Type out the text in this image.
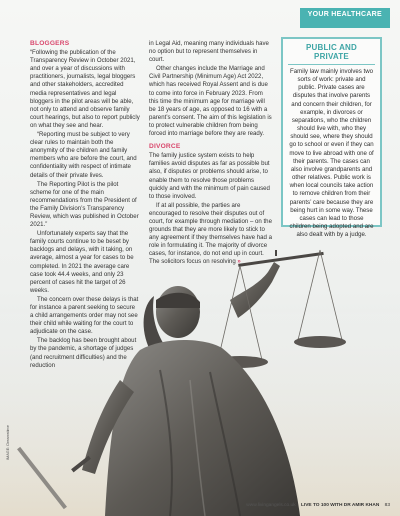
YOUR HEALTHCARE
BLOGGERS

“Following the publication of the Transparency Review in October 2021, and over a year of discussions with practitioners, journalists, legal bloggers and other stakeholders, accredited media representatives and legal bloggers in the pilot areas will be able, not only to attend and observe family court hearings, but also to report publicly on what they see and hear.

“Reporting must be subject to very clear rules to maintain both the anonymity of the children and family members who are before the court, and confidentiality with respect of intimate details of their private lives.

The Reporting Pilot is the pilot scheme for one of the main recommendations from the President of the Family Division’s Transparency Review, which was published in October 2021.”

Unfortunately experts say that the family courts continue to be beset by backlogs and delays, with it taking, on average, almost a year for cases to be completed. In 2021 the average care case took 44.4 weeks, and only 23 percent of cases hit the target of 26 weeks.

The concern over these delays is that for instance a parent seeking to secure a child arrangements order may not see their child while waiting for the court to adjudicate on the case.

The backlog has been brought about by the pandemic, a shortage of judges (and recruitment difficulties) and the reduction

in Legal Aid, meaning many individuals have no option but to represent themselves in court.

Other changes include the Marriage and Civil Partnership (Minimum Age) Act 2022, which has received Royal Assent and is due to come into force in February 2023. From this time the minimum age for marriage will be 18 years of age, as opposed to 16 with a parent’s consent. The aim of this legislation is to protect vulnerable children from being forced into marriage before they are ready.

DIVORCE

The family justice system exists to help families avoid disputes as far as possible but also, if disputes or problems should arise, to enable them to resolve those problems quickly and with the minimum of pain caused to those involved.

If at all possible, the parties are encouraged to resolve their disputes out of court, for example through mediation – on the grounds that they are more likely to stick to any agreement if they themselves have had a role in formulating it. The majority of divorce cases, for instance, do not end up in court. The solicitors focus on resolving »

PUBLIC AND PRIVATE
Family law mainly involves two sorts of work: private and public. Private cases are disputes that involve parents and concern their children, for example, in divorces or separations, who the children should live with, who they should see, where they should go to school or even if they can move to live abroad with one of their parents. The cases can also involve grandparents and other relatives. Public work is when local councils take action to remove children from their parents’ care because they are being hurt in some way. These cases can lead to those children being adopted and are also dealt with by a judge.
IMAGE: Dreamstime
www.livingangels.co.uk LIVE TO 100 WITH DR AMIR KHAN 83
